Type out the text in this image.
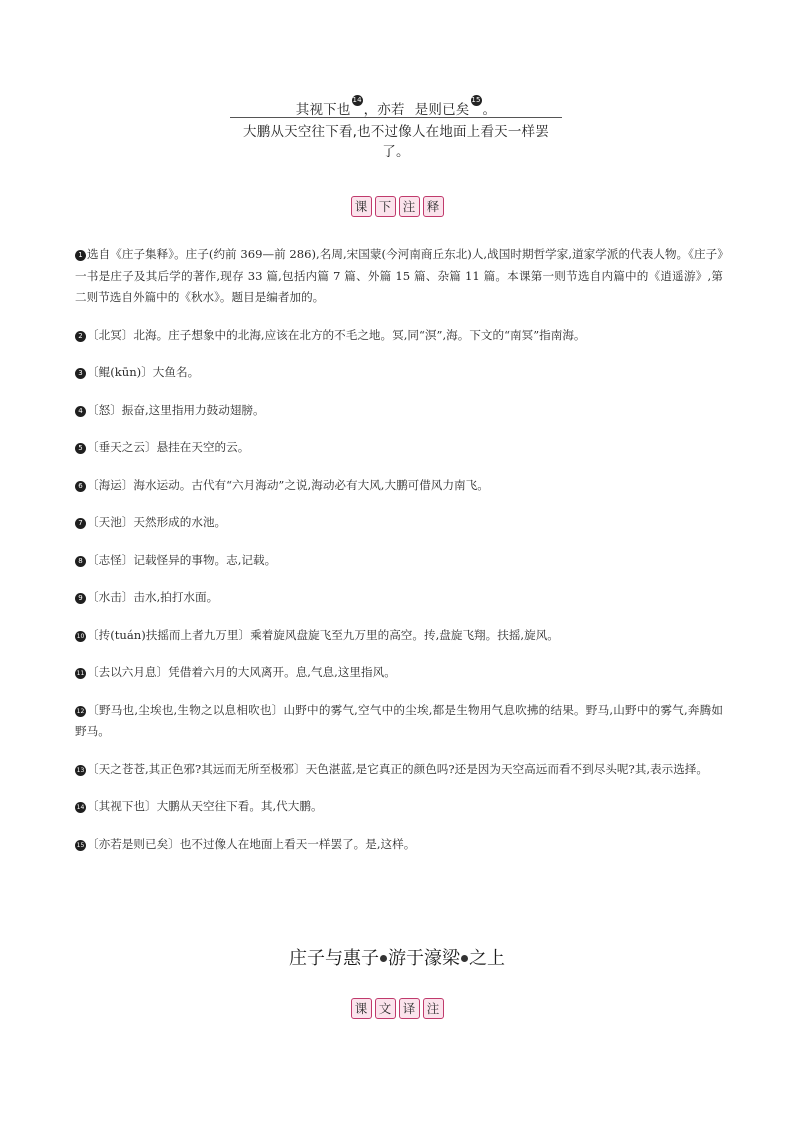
其视下也14，亦若 是则已矣15。
大鹏从天空往下看,也不过像人在地面上看天一样罢了。
课 下 注 释

1 选自《庄子集释》。庄子(约前 369—前 286),名周,宋国蒙(今河南商丘东北)人,战国时期哲学家,道家学派的代表人物。《庄子》一书是庄子及其后学的著作,现存 33 篇,包括内篇 7 篇、外篇 15 篇、杂篇 11 篇。本课第一则节选自内篇中的《逍遥游》,第二则节选自外篇中的《秋水》。题目是编者加的。

2 〔北冥〕北海。庄子想象中的北海,应该在北方的不毛之地。冥,同“溟”,海。下文的“南冥”指南海。

3 〔鲲(kūn)〕大鱼名。

4 〔怒〕振奋,这里指用力鼓动翅膀。

5 〔垂天之云〕悬挂在天空的云。

6 〔海运〕海水运动。古代有“六月海动”之说,海动必有大风,大鹏可借风力南飞。

7 〔天池〕天然形成的水池。

8 〔志怪〕记载怪异的事物。志,记载。

9 〔水击〕击水,拍打水面。

10 〔抟(tuán)扶摇而上者九万里〕乘着旋风盘旋飞至九万里的高空。抟,盘旋飞翔。扶摇,旋风。

11 〔去以六月息〕凭借着六月的大风离开。息,气息,这里指风。

12 〔野马也,尘埃也,生物之以息相吹也〕山野中的雾气,空气中的尘埃,都是生物用气息吹拂的结果。野马,山野中的雾气,奔腾如野马。

13 〔天之苍苍,其正色邪?其远而无所至极邪〕天色湛蓝,是它真正的颜色吗?还是因为天空高远而看不到尽头呢?其,表示选择。

14 〔其视下也〕大鹏从天空往下看。其,代大鹏。

15 〔亦若是则已矣〕也不过像人在地面上看天一样罢了。是,这样。

庄子与惠子 游于濠梁 之上
课 文 译 注
